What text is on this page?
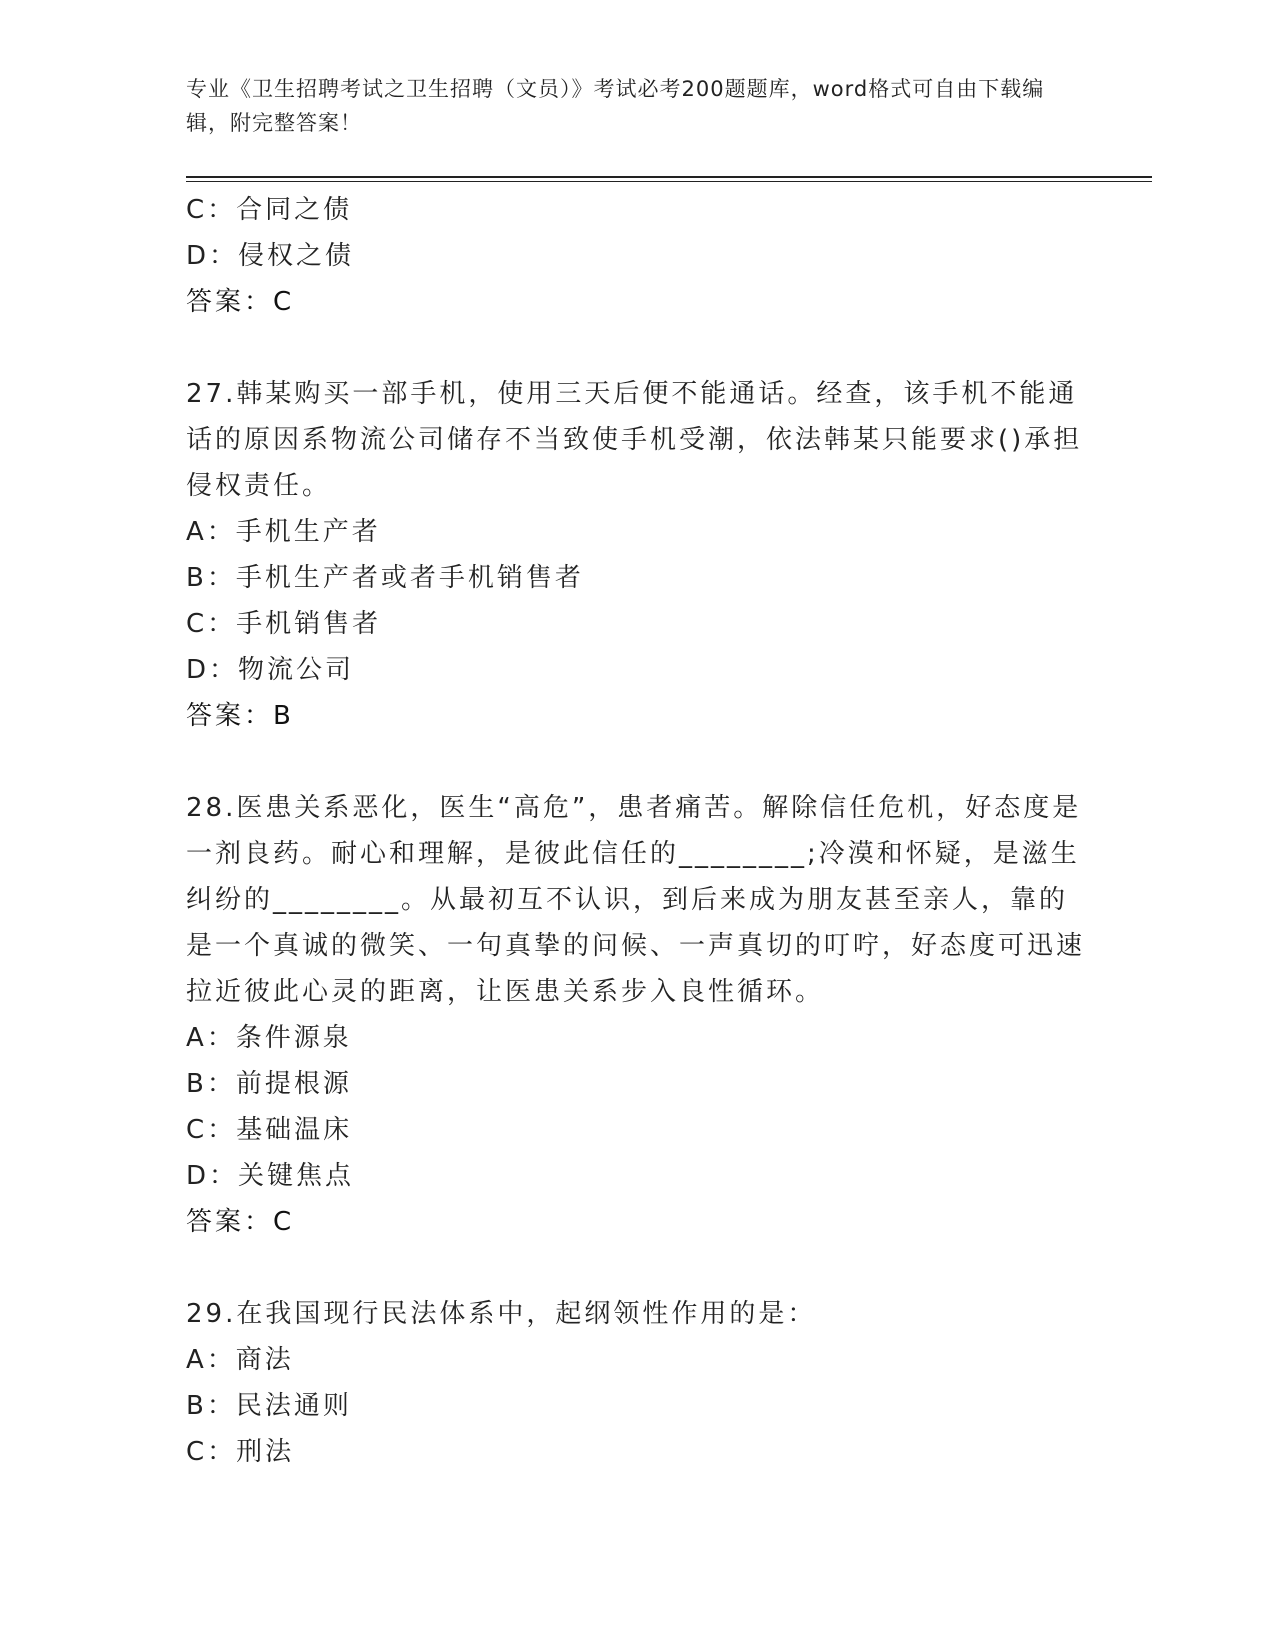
专业《卫生招聘考试之卫生招聘（文员）》考试必考200题题库，word格式可自由下载编辑，附完整答案！

C：合同之债

D：侵权之债

答案：C

27.韩某购买一部手机，使用三天后便不能通话。经查，该手机不能通话的原因系物流公司储存不当致使手机受潮，依法韩某只能要求()承担侵权责任。

A：手机生产者

B：手机生产者或者手机销售者

C：手机销售者

D：物流公司

答案：B

28.医患关系恶化，医生“高危”，患者痛苦。解除信任危机，好态度是一剂良药。耐心和理解，是彼此信任的________;冷漠和怀疑，是滋生纠纷的________。从最初互不认识，到后来成为朋友甚至亲人，靠的是一个真诚的微笑、一句真挚的问候、一声真切的叮咛，好态度可迅速拉近彼此心灵的距离，让医患关系步入良性循环。

A：条件源泉

B：前提根源

C：基础温床

D：关键焦点

答案：C

29.在我国现行民法体系中，起纲领性作用的是：

A：商法

B：民法通则

C：刑法
